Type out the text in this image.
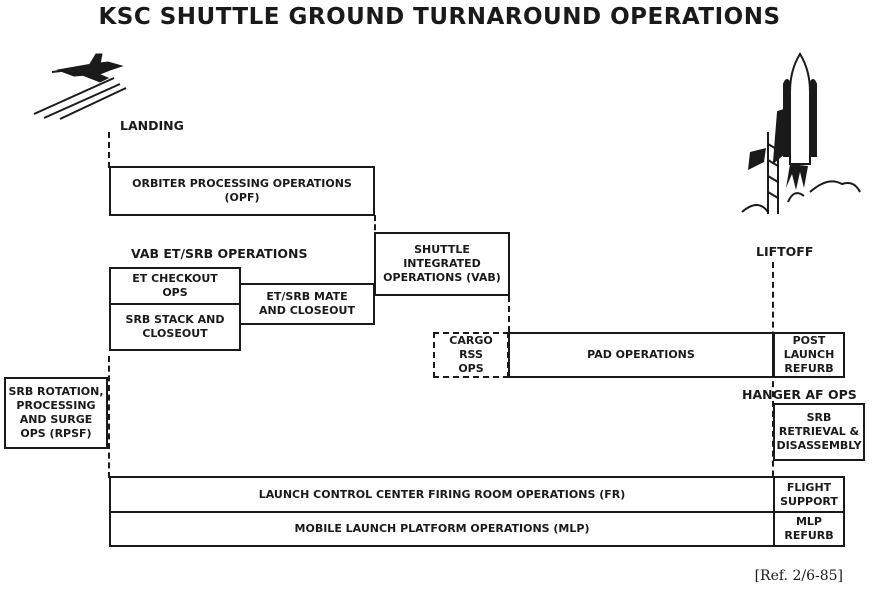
KSC SHUTTLE GROUND TURNAROUND OPERATIONS
LANDING
LIFTOFF
VAB ET/SRB OPERATIONS
HANGER AF OPS
ORBITER PROCESSING OPERATIONS
(OPF)
ET CHECKOUT
OPS
SRB STACK AND
CLOSEOUT
ET/SRB MATE
AND CLOSEOUT
SHUTTLE
INTEGRATED
OPERATIONS (VAB)
CARGO
RSS
OPS
PAD OPERATIONS
POST
LAUNCH
REFURB
SRB
RETRIEVAL &
DISASSEMBLY
SRB ROTATION,
PROCESSING
AND SURGE
OPS (RPSF)
LAUNCH CONTROL CENTER FIRING ROOM OPERATIONS (FR)
FLIGHT
SUPPORT
MOBILE LAUNCH PLATFORM OPERATIONS (MLP)
MLP
REFURB
[Ref. 2/6-85]
